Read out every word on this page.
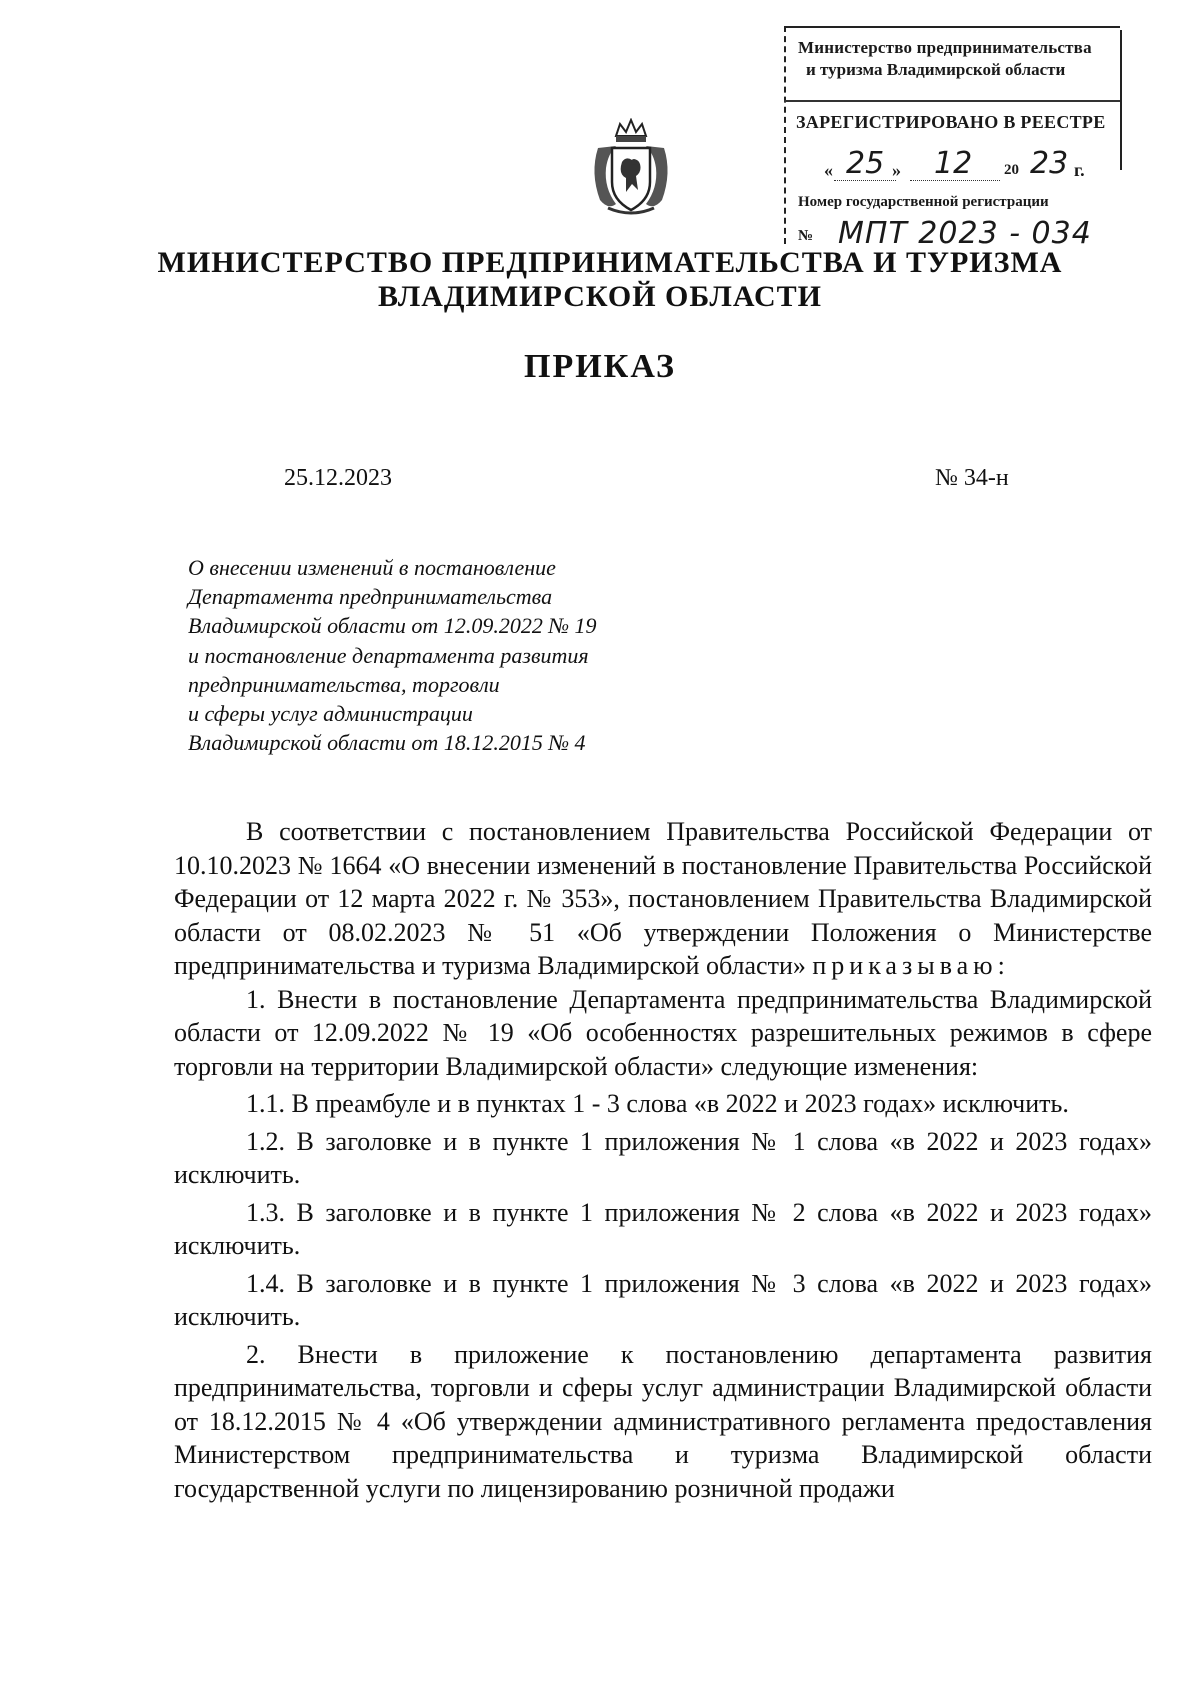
Министерство предпринимательства
и туризма Владимирской области
ЗАРЕГИСТРИРОВАНО В РЕЕСТРЕ
« 25 » 12 20 23 г.
Номер государственной регистрации
№ МПТ 2023 - 034
МИНИСТЕРСТВО ПРЕДПРИНИМАТЕЛЬСТВА И ТУРИЗМА
ВЛАДИМИРСКОЙ ОБЛАСТИ
ПРИКАЗ
25.12.2023	№ 34-н
О внесении изменений в постановление
Департамента предпринимательства
Владимирской области от 12.09.2022 № 19
и постановление департамента развития
предпринимательства, торговли
и сферы услуг администрации
Владимирской области от 18.12.2015 № 4

В соответствии с постановлением Правительства Российской Федерации от 10.10.2023 № 1664 «О внесении изменений в постановление Правительства Российской Федерации от 12 марта 2022 г. № 353», постановлением Правительства Владимирской области от 08.02.2023 № 51 «Об утверждении Положения о Министерстве предпринимательства и туризма Владимирской области» приказываю:

1. Внести в постановление Департамента предпринимательства Владимирской области от 12.09.2022 № 19 «Об особенностях разрешительных режимов в сфере торговли на территории Владимирской области» следующие изменения:

1.1. В преамбуле и в пунктах 1 - 3 слова «в 2022 и 2023 годах» исключить.

1.2. В заголовке и в пункте 1 приложения № 1 слова «в 2022 и 2023 годах» исключить.

1.3. В заголовке и в пункте 1 приложения № 2 слова «в 2022 и 2023 годах» исключить.

1.4. В заголовке и в пункте 1 приложения № 3 слова «в 2022 и 2023 годах» исключить.

2. Внести в приложение к постановлению департамента развития предпринимательства, торговли и сферы услуг администрации Владимирской области от 18.12.2015 № 4 «Об утверждении административного регламента предоставления Министерством предпринимательства и туризма Владимирской области государственной услуги по лицензированию розничной продажи
